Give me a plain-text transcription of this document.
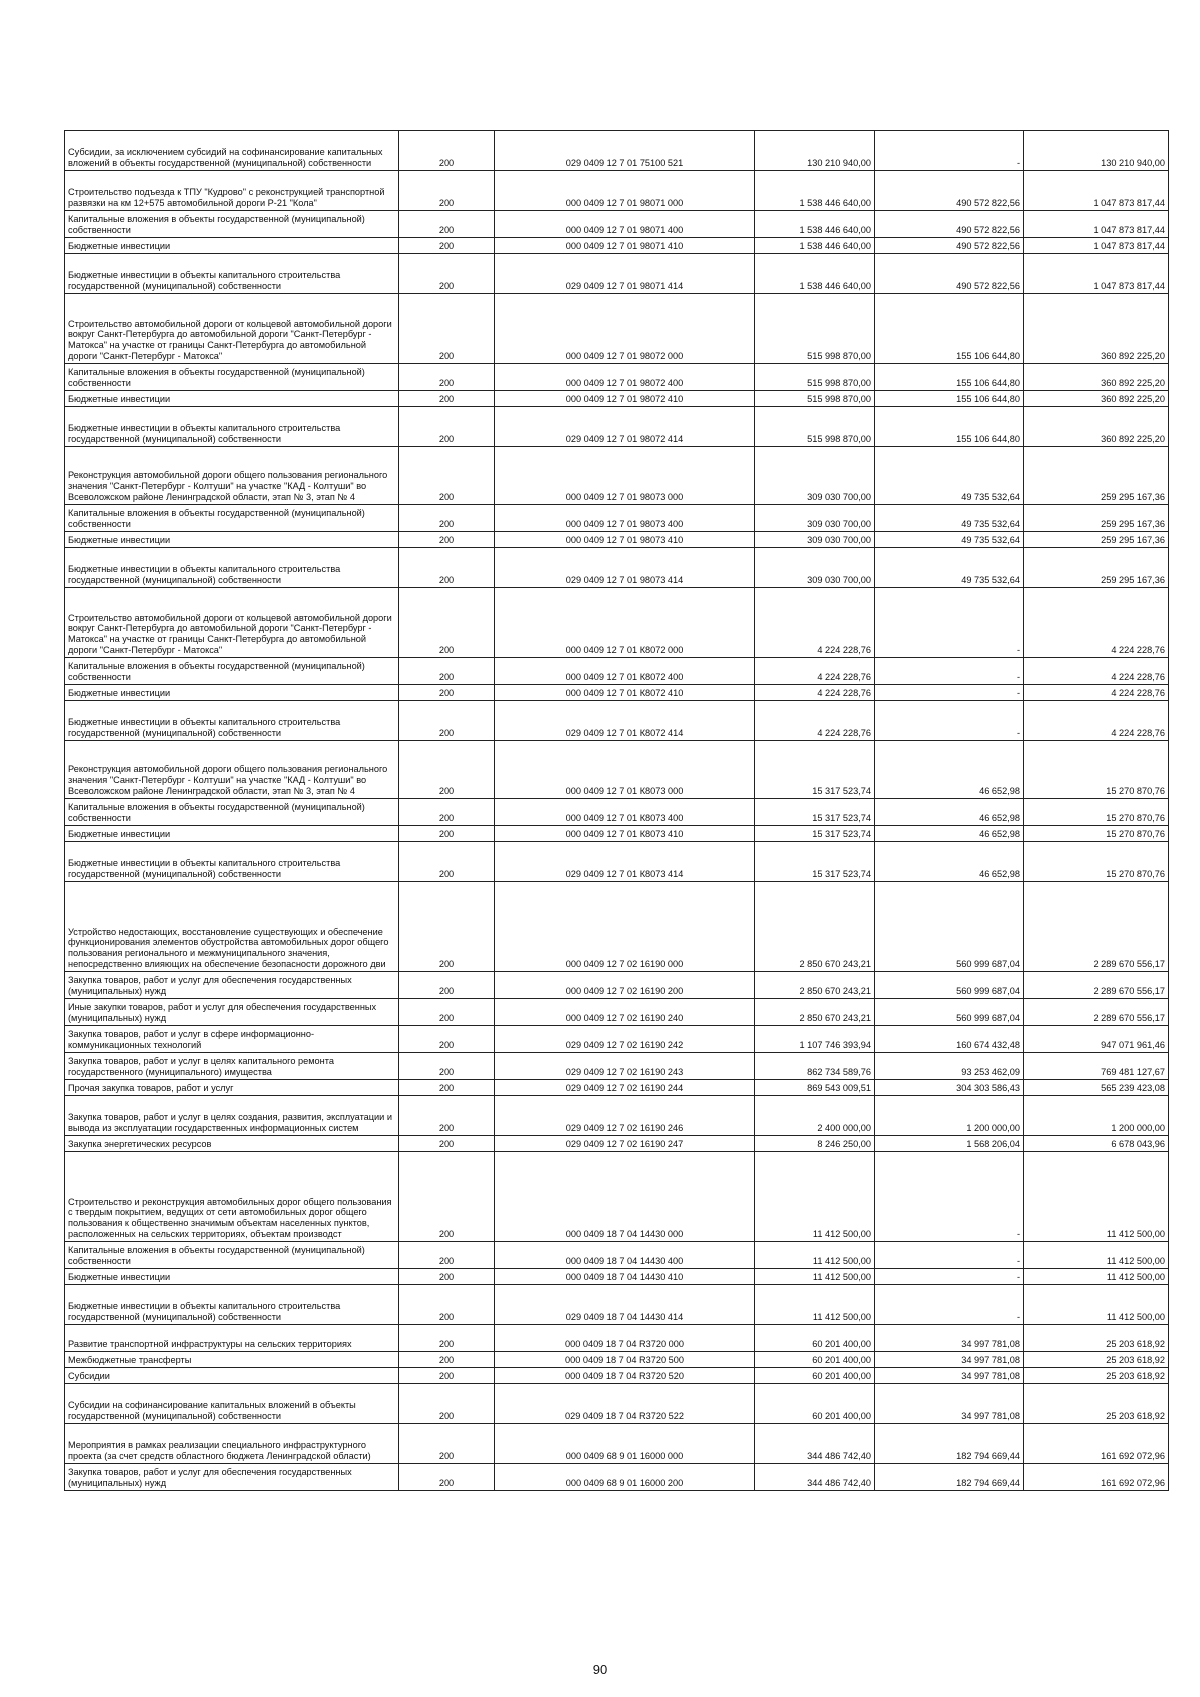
Субсидии, за исключением субсидий на софинансирование капитальных вложений в объекты государственной (муниципальной) собственности	200	029 0409 12 7 01 75100 521	130 210 940,00	-	130 210 940,00
Строительство подъезда к ТПУ "Кудрово" с реконструкцией транспортной развязки на км 12+575 автомобильной дороги Р-21 "Кола"	200	000 0409 12 7 01 98071 000	1 538 446 640,00	490 572 822,56	1 047 873 817,44
Капитальные вложения в объекты государственной (муниципальной) собственности	200	000 0409 12 7 01 98071 400	1 538 446 640,00	490 572 822,56	1 047 873 817,44
Бюджетные инвестиции	200	000 0409 12 7 01 98071 410	1 538 446 640,00	490 572 822,56	1 047 873 817,44

Бюджетные инвестиции в объекты капитального строительства государственной (муниципальной) собственности	200	029 0409 12 7 01 98071 414	1 538 446 640,00	490 572 822,56	1 047 873 817,44
Строительство автомобильной дороги от кольцевой автомобильной дороги вокруг Санкт-Петербурга до автомобильной дороги "Санкт-Петербург - Матокса" на участке от границы Санкт-Петербурга до автомобильной дороги "Санкт-Петербург - Матокса"	200	000 0409 12 7 01 98072 000	515 998 870,00	155 106 644,80	360 892 225,20
Капитальные вложения в объекты государственной (муниципальной) собственности	200	000 0409 12 7 01 98072 400	515 998 870,00	155 106 644,80	360 892 225,20
Бюджетные инвестиции	200	000 0409 12 7 01 98072 410	515 998 870,00	155 106 644,80	360 892 225,20

Бюджетные инвестиции в объекты капитального строительства государственной (муниципальной) собственности	200	029 0409 12 7 01 98072 414	515 998 870,00	155 106 644,80	360 892 225,20
Реконструкция автомобильной дороги общего пользования регионального значения "Санкт-Петербург - Колтуши" на участке "КАД - Колтуши" во Всеволожском районе Ленинградской области, этап № 3, этап № 4	200	000 0409 12 7 01 98073 000	309 030 700,00	49 735 532,64	259 295 167,36
Капитальные вложения в объекты государственной (муниципальной) собственности	200	000 0409 12 7 01 98073 400	309 030 700,00	49 735 532,64	259 295 167,36
Бюджетные инвестиции	200	000 0409 12 7 01 98073 410	309 030 700,00	49 735 532,64	259 295 167,36

Бюджетные инвестиции в объекты капитального строительства государственной (муниципальной) собственности	200	029 0409 12 7 01 98073 414	309 030 700,00	49 735 532,64	259 295 167,36
Строительство автомобильной дороги от кольцевой автомобильной дороги вокруг Санкт-Петербурга до автомобильной дороги "Санкт-Петербург - Матокса" на участке от границы Санкт-Петербурга до автомобильной дороги "Санкт-Петербург - Матокса"	200	000 0409 12 7 01 К8072 000	4 224 228,76	-	4 224 228,76
Капитальные вложения в объекты государственной (муниципальной) собственности	200	000 0409 12 7 01 К8072 400	4 224 228,76	-	4 224 228,76
Бюджетные инвестиции	200	000 0409 12 7 01 К8072 410	4 224 228,76	-	4 224 228,76

Бюджетные инвестиции в объекты капитального строительства государственной (муниципальной) собственности	200	029 0409 12 7 01 К8072 414	4 224 228,76	-	4 224 228,76
Реконструкция автомобильной дороги общего пользования регионального значения "Санкт-Петербург - Колтуши" на участке "КАД - Колтуши" во Всеволожском районе Ленинградской области, этап № 3, этап № 4	200	000 0409 12 7 01 К8073 000	15 317 523,74	46 652,98	15 270 870,76
Капитальные вложения в объекты государственной (муниципальной) собственности	200	000 0409 12 7 01 К8073 400	15 317 523,74	46 652,98	15 270 870,76
Бюджетные инвестиции	200	000 0409 12 7 01 К8073 410	15 317 523,74	46 652,98	15 270 870,76

Бюджетные инвестиции в объекты капитального строительства государственной (муниципальной) собственности	200	029 0409 12 7 01 К8073 414	15 317 523,74	46 652,98	15 270 870,76

Устройство недостающих, восстановление существующих и обеспечение функционирования элементов обустройства автомобильных дорог общего пользования регионального и межмуниципального значения, непосредственно влияющих на обеспечение безопасности дорожного дви	200	000 0409 12 7 02 16190 000	2 850 670 243,21	560 999 687,04	2 289 670 556,17
Закупка товаров, работ и услуг для обеспечения государственных (муниципальных) нужд	200	000 0409 12 7 02 16190 200	2 850 670 243,21	560 999 687,04	2 289 670 556,17
Иные закупки товаров, работ и услуг для обеспечения государственных (муниципальных) нужд	200	000 0409 12 7 02 16190 240	2 850 670 243,21	560 999 687,04	2 289 670 556,17
Закупка товаров, работ и услуг в сфере информационно-коммуникационных технологий	200	029 0409 12 7 02 16190 242	1 107 746 393,94	160 674 432,48	947 071 961,46
Закупка товаров, работ и услуг в целях капитального ремонта государственного (муниципального) имущества	200	029 0409 12 7 02 16190 243	862 734 589,76	93 253 462,09	769 481 127,67
Прочая закупка товаров, работ и услуг	200	029 0409 12 7 02 16190 244	869 543 009,51	304 303 586,43	565 239 423,08
Закупка товаров, работ и услуг в целях создания, развития, эксплуатации и вывода из эксплуатации государственных информационных систем	200	029 0409 12 7 02 16190 246	2 400 000,00	1 200 000,00	1 200 000,00
Закупка энергетических ресурсов	200	029 0409 12 7 02 16190 247	8 246 250,00	1 568 206,04	6 678 043,96

Строительство и реконструкция автомобильных дорог общего пользования с твердым покрытием, ведущих от сети автомобильных дорог общего пользования к общественно значимым объектам населенных пунктов, расположенных на сельских территориях, объектам производст	200	000 0409 18 7 04 14430 000	11 412 500,00	-	11 412 500,00
Капитальные вложения в объекты государственной (муниципальной) собственности	200	000 0409 18 7 04 14430 400	11 412 500,00	-	11 412 500,00
Бюджетные инвестиции	200	000 0409 18 7 04 14430 410	11 412 500,00	-	11 412 500,00

Бюджетные инвестиции в объекты капитального строительства государственной (муниципальной) собственности	200	029 0409 18 7 04 14430 414	11 412 500,00	-	11 412 500,00
Развитие транспортной инфраструктуры на сельских территориях	200	000 0409 18 7 04 R3720 000	60 201 400,00	34 997 781,08	25 203 618,92
Межбюджетные трансферты	200	000 0409 18 7 04 R3720 500	60 201 400,00	34 997 781,08	25 203 618,92
Субсидии	200	000 0409 18 7 04 R3720 520	60 201 400,00	34 997 781,08	25 203 618,92

Субсидии на софинансирование капитальных вложений в объекты государственной (муниципальной) собственности	200	029 0409 18 7 04 R3720 522	60 201 400,00	34 997 781,08	25 203 618,92
Мероприятия в рамках реализации специального инфраструктурного проекта (за счет средств областного бюджета Ленинградской области)	200	000 0409 68 9 01 16000 000	344 486 742,40	182 794 669,44	161 692 072,96
Закупка товаров, работ и услуг для обеспечения государственных (муниципальных) нужд	200	000 0409 68 9 01 16000 200	344 486 742,40	182 794 669,44	161 692 072,96
90
